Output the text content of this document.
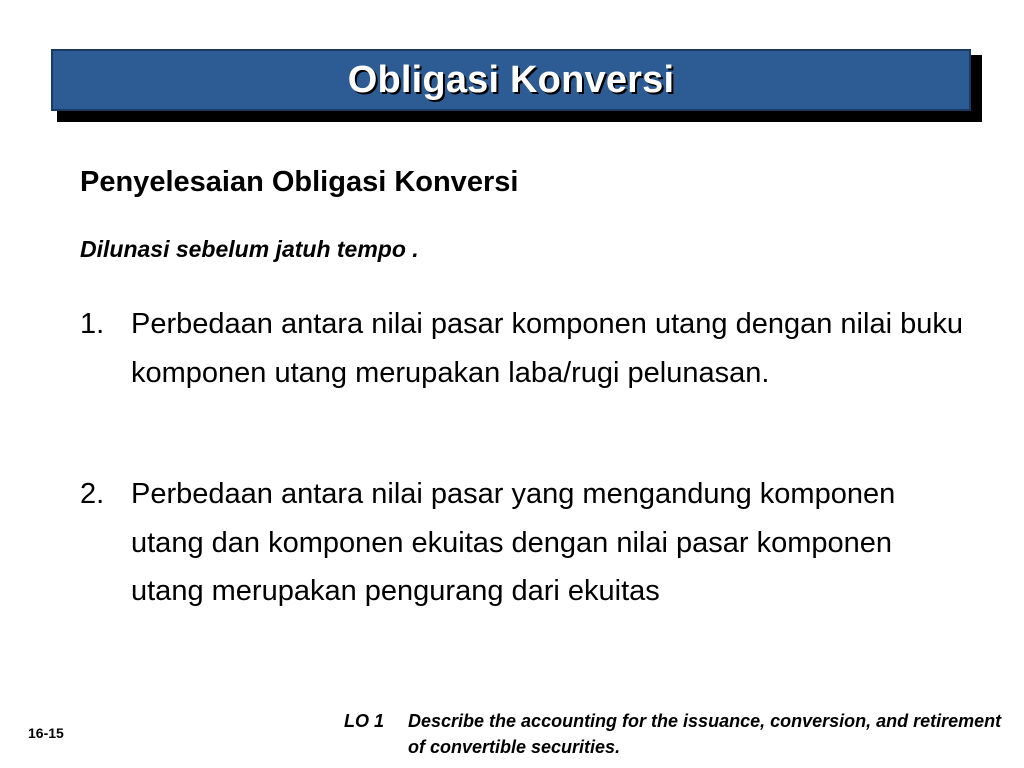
Obligasi Konversi
Penyelesaian Obligasi Konversi
Dilunasi sebelum jatuh tempo .
1. Perbedaan antara nilai pasar komponen utang dengan nilai buku komponen utang merupakan laba/rugi pelunasan.
2. Perbedaan antara nilai pasar yang mengandung komponen utang dan komponen ekuitas dengan nilai pasar komponen utang merupakan pengurang dari ekuitas
16-15
LO 1	Describe the accounting for the issuance, conversion, and retirement of convertible securities.
